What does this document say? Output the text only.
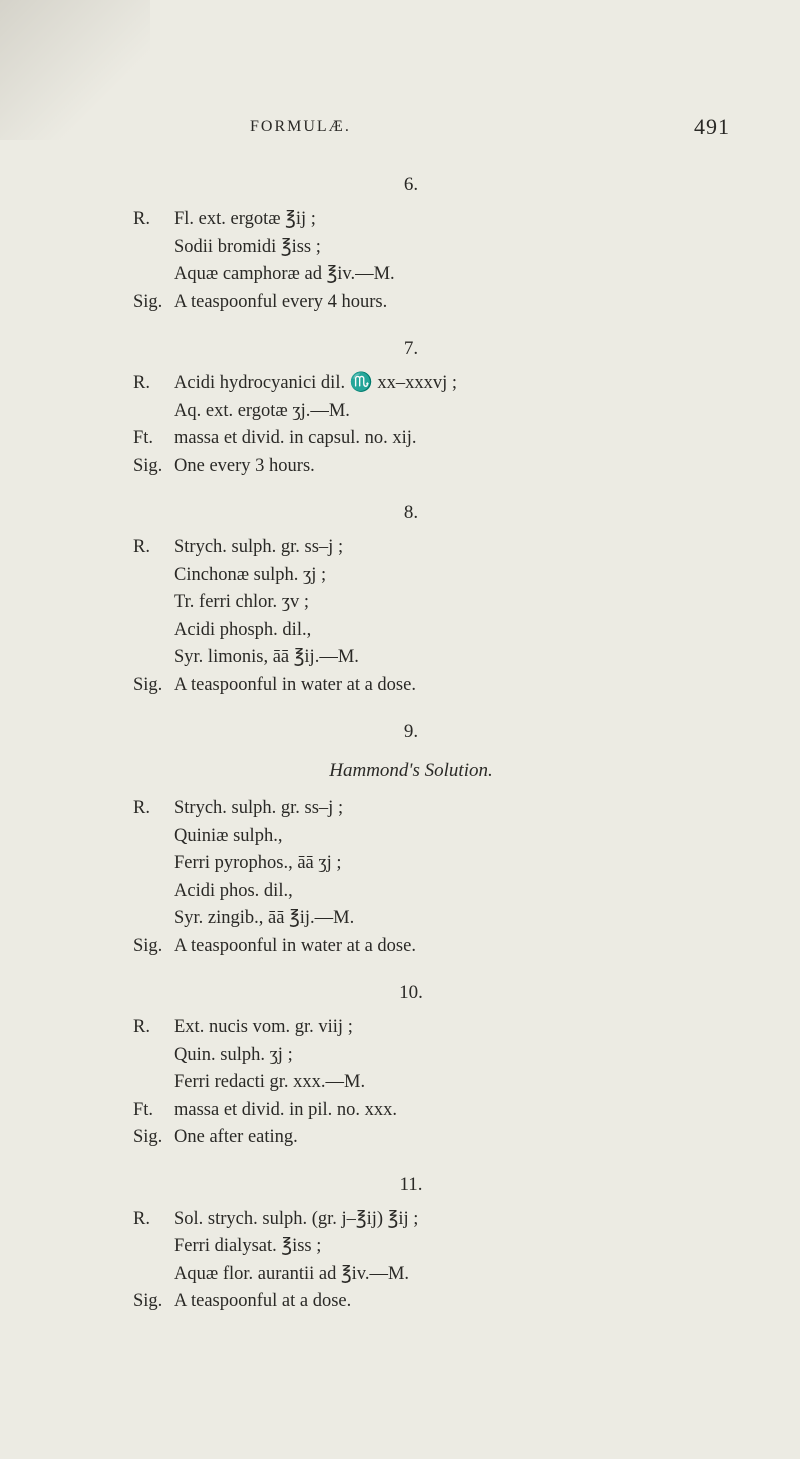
FORMULÆ.	491
6.
R. Fl. ext. ergotæ ℥ij ;
Sodii bromidi ℥iss ;
Aquæ camphoræ ad ℥iv.—M.
Sig. A teaspoonful every 4 hours.
7.
R. Acidi hydrocyanici dil. ♏ xx–xxxvj ;
Aq. ext. ergotæ ʒj.—M.
Ft. massa et divid. in capsul. no. xij.
Sig. One every 3 hours.
8.
R. Strych. sulph. gr. ss–j ;
Cinchonæ sulph. ʒj ;
Tr. ferri chlor. ʒv ;
Acidi phosph. dil.,
Syr. limonis, āā ℥ij.—M.
Sig. A teaspoonful in water at a dose.
9.
Hammond's Solution.
R. Strych. sulph. gr. ss–j ;
Quiniæ sulph.,
Ferri pyrophos., āā ʒj ;
Acidi phos. dil.,
Syr. zingib., āā ℥ij.—M.
Sig. A teaspoonful in water at a dose.
10.
R. Ext. nucis vom. gr. viij ;
Quin. sulph. ʒj ;
Ferri redacti gr. xxx.—M.
Ft. massa et divid. in pil. no. xxx.
Sig. One after eating.
11.
R. Sol. strych. sulph. (gr. j–℥ij) ℥ij ;
Ferri dialysat. ℥iss ;
Aquæ flor. aurantii ad ℥iv.—M.
Sig. A teaspoonful at a dose.
